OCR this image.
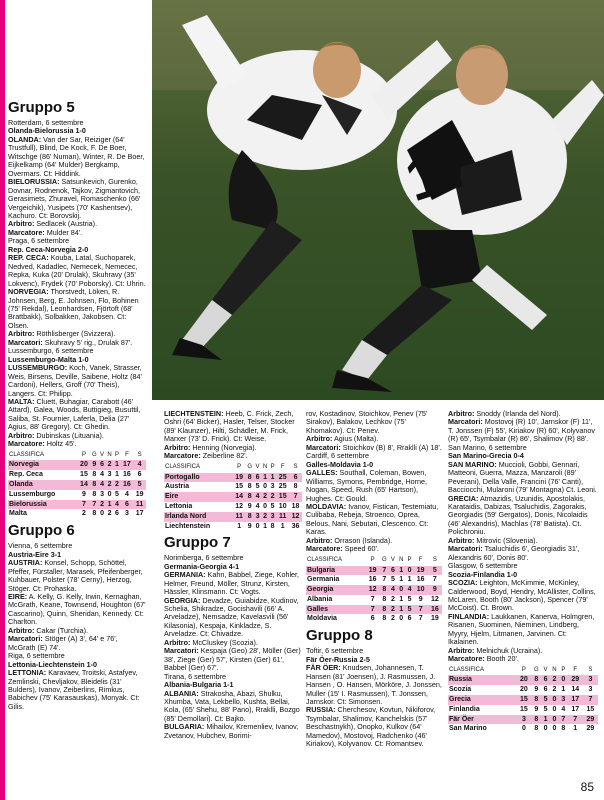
17
Gruppo 5

Rotterdam, 6 settembre

Olanda-Bielorussia 1-0

OLANDA: Van der Sar, Reiziger (64' Trustfull), Blind, De Kock, F. De Boer, Witschge (86' Numan), Winter, R. De Boer, Eijkelkamp (64' Mulder) Bergkamp, Overmars. Ct: Hiddink.

BIELORUSSIA: Satsunkevich, Gurenko, Dovnar, Rodnenok, Tajkov, Zigmantovich, Gerasimets, Zhuravel, Romaschenko (66' Vergeichik), Yusipets (70' Kashentsev), Kachuro. Ct: Borovskij.

Arbitro: Sedlacek (Austria).

Marcatore: Mulder 84'.

Praga, 6 settembre

Rep. Ceca-Norvegia 2-0

REP. CECA: Kouba, Latal, Suchoparek, Nedved, Kadadlec, Nemecek, Nemecec, Repka, Kuka (20' Drulak), Skuhravy (35' Lokvenc), Frydek (70' Poborsky). Ct: Uhrin.

NORVEGIA: Thorstvedt, Löken, R. Johnsen, Berg, E. Johnsen, Flo, Bohinen (75' Rekdal), Leonhardsen, Fjörtoft (68' Brattbakk), Solbakken, Jakobsen. Ct: Olsen.

Arbitro: Röthlisberger (Svizzera).

Marcatori: Skuhravy 5' rig., Drulak 87'.

Lussemburgo, 6 settembre

Lussemburgo-Malta 1-0

LUSSEMBURGO: Koch, Vanek, Strasser, Weis, Birsens, Deville, Saibene, Holtz (84' Cardoni), Hellers, Groff (70' Theis), Langers. Ct: Philipp.

MALTA: Cluett, Buhagiar, Carabott (46' Attard), Galea, Woods, Buttigieg, Busuttil, Saliba, St. Fournier, Laferla, Delia (27' Agius, 88' Gregory). Ct: Ghedin.

Arbitro: Dubinskas (Lituania).

Marcatore: Holtz 45'.

CLASSIFICA	P	G	V	N	P	F	S
Norvegia	20	9	6	2	1	17	4
Rep. Ceca	15	8	4	3	1	16	6
Olanda	14	8	4	2	2	16	5
Lussemburgo	9	8	3	0	5	4	19
Bielorussia	7	7	2	1	4	6	11
Malta	2	8	0	2	6	3	17
Gruppo 6

Vienna, 6 settembre

Austria-Eire 3-1

AUSTRIA: Konsel, Schopp, Schöttel, Pfeffer, Fürstaller, Marasek, Pfeifenberger, Kuhbauer, Polster (78' Cerny), Herzog, Stöger. Ct: Prohaska.

EIRE: A. Kelly, G. Kelly, Irwin, Kernaghan, McGrath, Keane, Townsend, Houghton (67' Cascarino), Quinn, Sheridan, Kennedy. Ct: Charlton.

Arbitro: Cakar (Turchia).

Marcatori: Stöger (A) 3', 64' e 76', McGrath (E) 74'.

Riga, 6 settembre

Lettonia-Liechtenstein 1-0

LETTONIA: Karavaev, Troitski, Astafyev, Zemlinski, Chevljakov, Bleidelis (31' Bulders), Ivanov, Zeiberlins, Rimkus, Babichev (75' Karasauskas), Monyak. Ct: Gilis.

LIECHTENSTEIN: Heeb, C. Frick, Zech, Oshri (64' Bicker), Hasler, Telser, Stocker (89' Klaunzer), Hilti, Schädler, M. Frick, Marxer (73' D. Frick). Ct: Weise.

Arbitro: Henning (Norvegia).

Marcatore: Zeiberline 82'.

CLASSIFICA	P	G	V	N	P	F	S
Portogallo	19	8	6	1	1	25	6
Austria	15	8	5	0	3	25	8
Eire	14	8	4	2	2	15	7
Lettonia	12	9	4	0	5	10	18
Irlanda Nord	11	8	3	2	3	11	12
Liechtenstein	1	9	0	1	8	1	36
Gruppo 7

Norimberga, 6 settembre

Germania-Georgia 4-1

GERMANIA: Kahn, Babbel, Ziege, Kohler, Helmer, Freund, Möller, Strunz, Kirsten, Hässler, Klinsmann. Ct: Vogts.

GEORGIA: Devadze, Guiabidze, Kudinov, Schelia, Shikradze, Gocishavili (66' A. Arveladze), Nemsadze, Kavelasvili (56' Kilasonia), Kespaja, Kinkladze, S. Arveladze. Ct: Chivadze.

Arbitro: McCluskey (Scozia).

Marcatori: Kespaja (Geo) 28', Möller (Ger) 38', Ziege (Ger) 57', Kirsten (Ger) 61', Babbel (Ger) 67'.

Tirana, 6 settembre

Albania-Bulgaria 1-1

ALBANIA: Strakosha, Abazi, Shulku, Xhumba, Vata, Lekbello, Kushta, Bellai, Kola, (65' Shehu, 88' Pano), Rraklli, Bozgo (85' Demollari). Ct: Bajko.

BULGARIA: Mihailov, Kremenliev, Ivanov, Zvetanov, Hubchev, Borimi-

rov, Kostadinov, Stoichkov, Penev (75' Sirakov), Balakov, Lechkov (75' Khomakov). Ct: Penev.

Arbitro: Agius (Malta).

Marcatori: Stoichkov (B) 8', Rraklli (A) 18'.

Cardiff, 6 settembre

Galles-Moldavia 1-0

GALLES: Southall, Coleman, Bowen, Williams, Symons, Pembridge, Horne, Nogan, Speed, Rush (65' Hartson), Hughes. Ct: Gould.

MOLDAVIA: Ivanov, Fistican, Testemiatu, Culibaba, Rebeja, Stroenco, Oprea, Belous, Nani, Sebutari, Clescenco. Ct: Karas.

Arbitro: Orrason (Islanda).

Marcatore: Speed 60'.

CLASSIFICA	P	G	V	N	P	F	S
Bulgaria	19	7	6	1	0	19	5
Germania	16	7	5	1	1	16	7
Georgia	12	8	4	0	4	10	9
Albania	7	8	2	1	5	9	12
Galles	7	8	2	1	5	7	16
Moldavia	6	8	2	0	6	7	19
Gruppo 8

Toftir, 6 settembre

Fär Öer-Russia 2-5

FÄR ÖER: Knudsen, Johannesen, T. Hansen (81' Joensen), J. Rasmussen, J. Hansen , O. Hansen, Mörköre, J. Jonssen, Muller (15' I. Rasmussen), T. Jonssen, Jarnskor. Ct: Simonsen.

RUSSIA: Cherchesov, Kovtun, Nikiforov, Tsymbalar, Shalimov, Kanchelskis (57' Beschastnykh), Onopko, Kulkov (64' Mamedov), Mostovoj, Radchenko (46' Kiriakov), Kolyvanov. Ct: Romantsev.

Arbitro: Snoddy (Irlanda del Nord).

Marcatori: Mostovoj (R) 10', Jarnskor (F) 11', T. Jonssen (F) 55', Kiriakov (R) 60', Kolyvanov (R) 65', Tsymbalar (R) 86', Shalimov (R) 88'.

San Marino, 6 settembre

San Marino-Grecia 0-4

SAN MARINO: Muccioli, Gobbi, Gennari, Matteoni, Guerra, Mazza, Manzaroli (89' Peverani), Della Valle, Francini (76' Canti), Bacciocchi, Mularoni (79' Montagna) Ct. Leoni.

GRECIA: Atmazidis, Uzunidis, Apostolakis, Karataidis, Dabizas, Tsaluchidis, Zagorakis, Georgiadis (59' Gergatos), Donis, Nicolaidis (46' Alexandris), Machlas (78' Batista). Ct. Polichroniu.

Arbitro: Mitrovic (Slovenia).

Marcatori: Tsaluchidis 6', Georgiadis 31', Alexandris 60', Donis 80'.

Glasgow, 6 settembre

Scozia-Finlandia 1-0

SCOZIA: Leighton, McKimmie, McKinley, Calderwood, Boyd, Hendry, McAllister, Collins, McLaren, Booth (80' Jackson), Spencer (79' McCoist). Ct. Brown.

FINLANDIA: Laukkanen, Kanerva, Holmgren, Risanen, Suominen, Nieminen, Lindberg, Myyry, Hjelm, Litmanen, Jarvinen. Ct: Ikalainen.

Arbitro: Melnichuk (Ucraina).

Marcatore: Booth 20'.

CLASSIFICA	P	G	V	N	P	F	S
Russia	20	8	6	2	0	29	3
Scozia	20	9	6	2	1	14	3
Grecia	15	8	5	0	3	17	7
Finlandia	15	9	5	0	4	17	15
Fär Öer	3	8	1	0	7	7	29
San Marino	0	8	0	0	8	1	29
85
